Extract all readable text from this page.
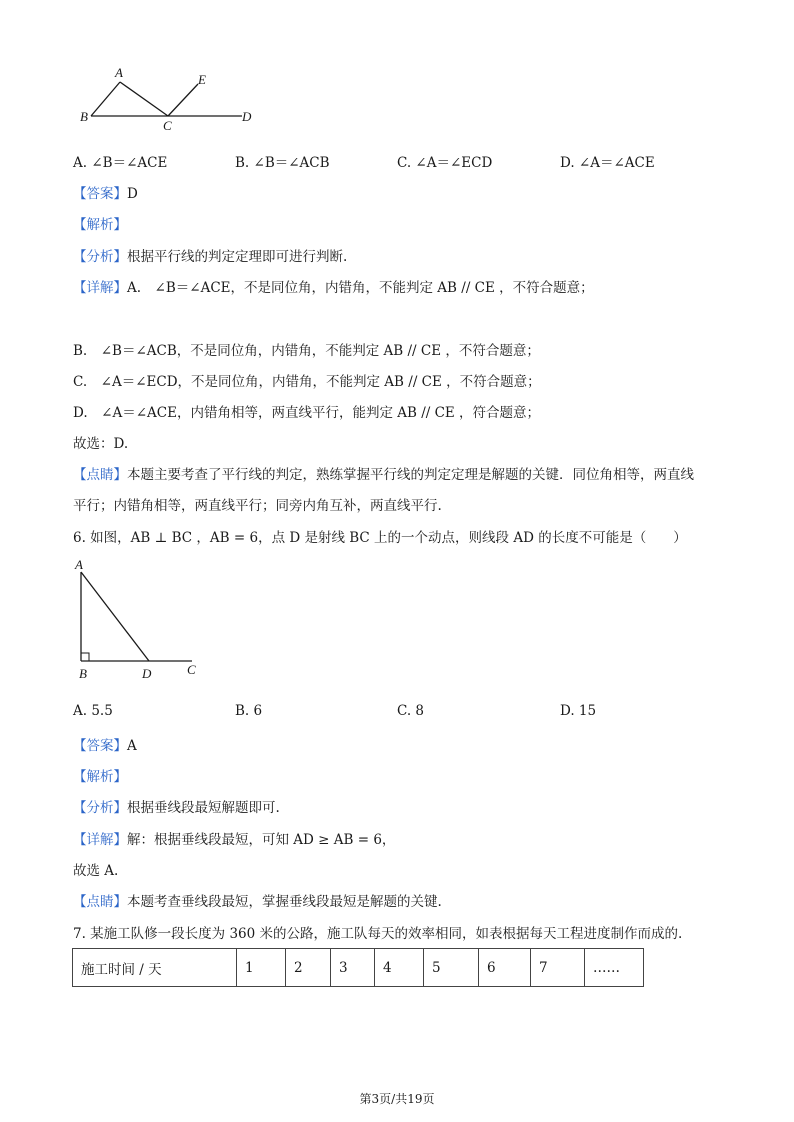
A	E
B
C
D
A. ∠B＝∠ACE	B. ∠B＝∠ACB	C. ∠A＝∠ECD	D. ∠A＝∠ACE
【答案】D
【解析】
【分析】根据平行线的判定定理即可进行判断.
【详解】A.　∠B＝∠ACE，不是同位角，内错角，不能判定 AB // CE ，不符合题意；
B.　∠B＝∠ACB，不是同位角，内错角，不能判定 AB // CE ，不符合题意；
C.　∠A＝∠ECD，不是同位角，内错角，不能判定 AB // CE ，不符合题意；
D.　∠A＝∠ACE，内错角相等，两直线平行，能判定 AB // CE ，符合题意；
故选：D.
【点睛】本题主要考查了平行线的判定，熟练掌握平行线的判定定理是解题的关键．同位角相等，两直线
平行；内错角相等，两直线平行；同旁内角互补，两直线平行.
6. 如图，AB ⊥ BC ，AB = 6，点 D 是射线 BC 上的一个动点，则线段 AD 的长度不可能是（　　）
A
B	D	C
A. 5.5	B. 6	C. 8	D. 15
【答案】A
【解析】
【分析】根据垂线段最短解题即可.
【详解】解：根据垂线段最短，可知 AD ≥ AB = 6，
故选 A.
【点睛】本题考查垂线段最短，掌握垂线段最短是解题的关键.
7. 某施工队修一段长度为 360 米的公路，施工队每天的效率相同，如表根据每天工程进度制作而成的.
施工时间 / 天	1	2	3	4	5	6	7	……
第3页/共19页
